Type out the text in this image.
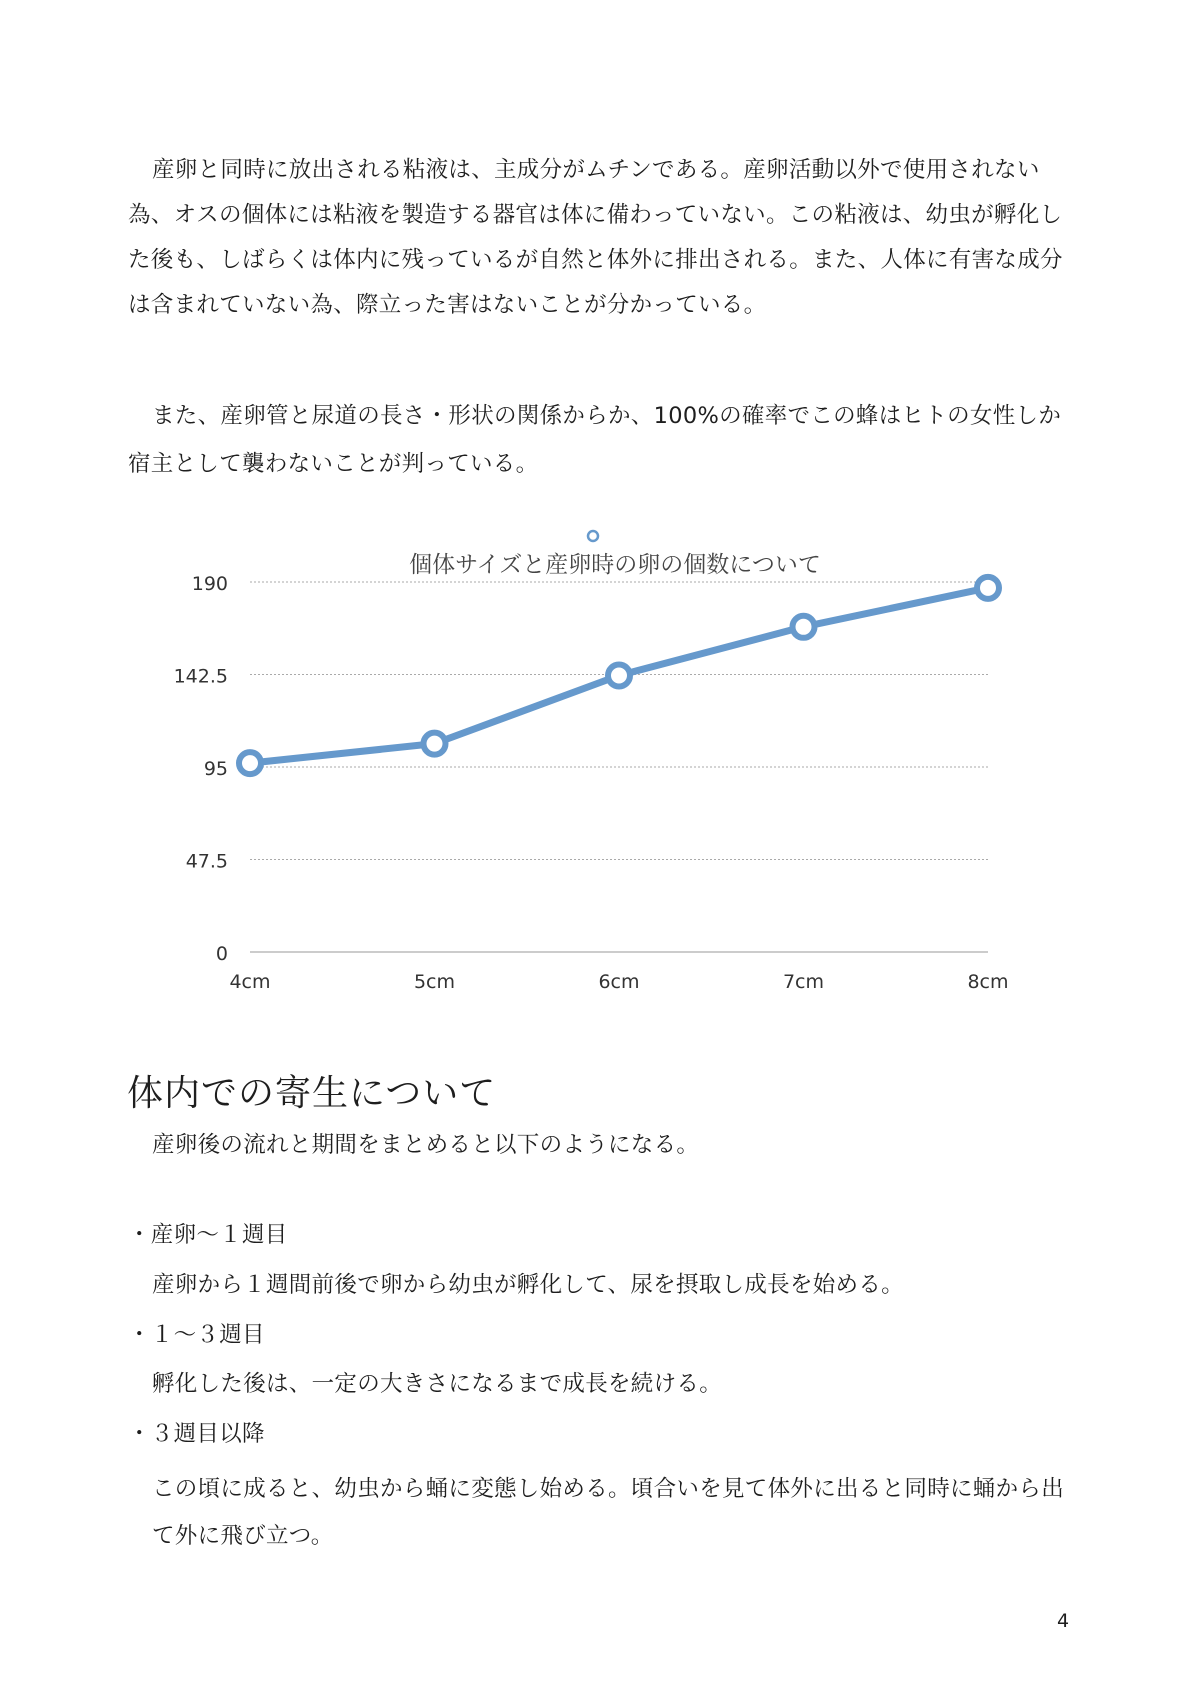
産卵と同時に放出される粘液は、主成分がムチンである。産卵活動以外で使用されない為、オスの個体には粘液を製造する器官は体に備わっていない。この粘液は、幼虫が孵化した後も、しばらくは体内に残っているが自然と体外に排出される。また、人体に有害な成分は含まれていない為、際立った害はないことが分かっている。

また、産卵管と尿道の長さ・形状の関係からか、100%の確率でこの蜂はヒトの女性しか宿主として襲わないことが判っている。

個体サイズと産卵時の卵の個数について
0
47.5
95
142.5
190
4cm	5cm	6cm	7cm	8cm
体内での寄生について

産卵後の流れと期間をまとめると以下のようになる。

・産卵〜１週目

産卵から１週間前後で卵から幼虫が孵化して、尿を摂取し成長を始める。

・１〜３週目

孵化した後は、一定の大きさになるまで成長を続ける。

・３週目以降

この頃に成ると、幼虫から蛹に変態し始める。頃合いを見て体外に出ると同時に蛹から出て外に飛び立つ。

4
